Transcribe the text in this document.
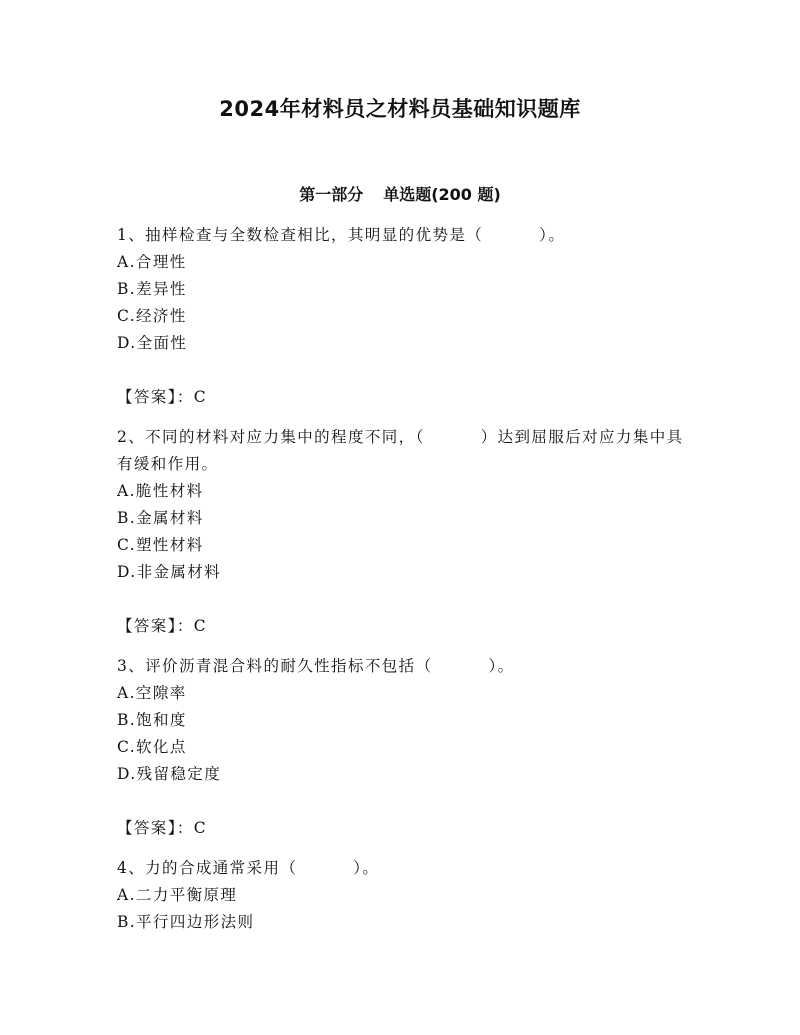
2024年材料员之材料员基础知识题库
第一部分 单选题(200 题)

1、抽样检查与全数检查相比，其明显的优势是（	）。

A.合理性

B.差异性

C.经济性

D.全面性

【答案】：C

2、不同的材料对应力集中的程度不同，（	）达到屈服后对应力集中具有缓和作用。

A.脆性材料

B.金属材料

C.塑性材料

D.非金属材料

【答案】：C

3、评价沥青混合料的耐久性指标不包括（	）。

A.空隙率

B.饱和度

C.软化点

D.残留稳定度

【答案】：C

4、力的合成通常采用（	）。

A.二力平衡原理

B.平行四边形法则
